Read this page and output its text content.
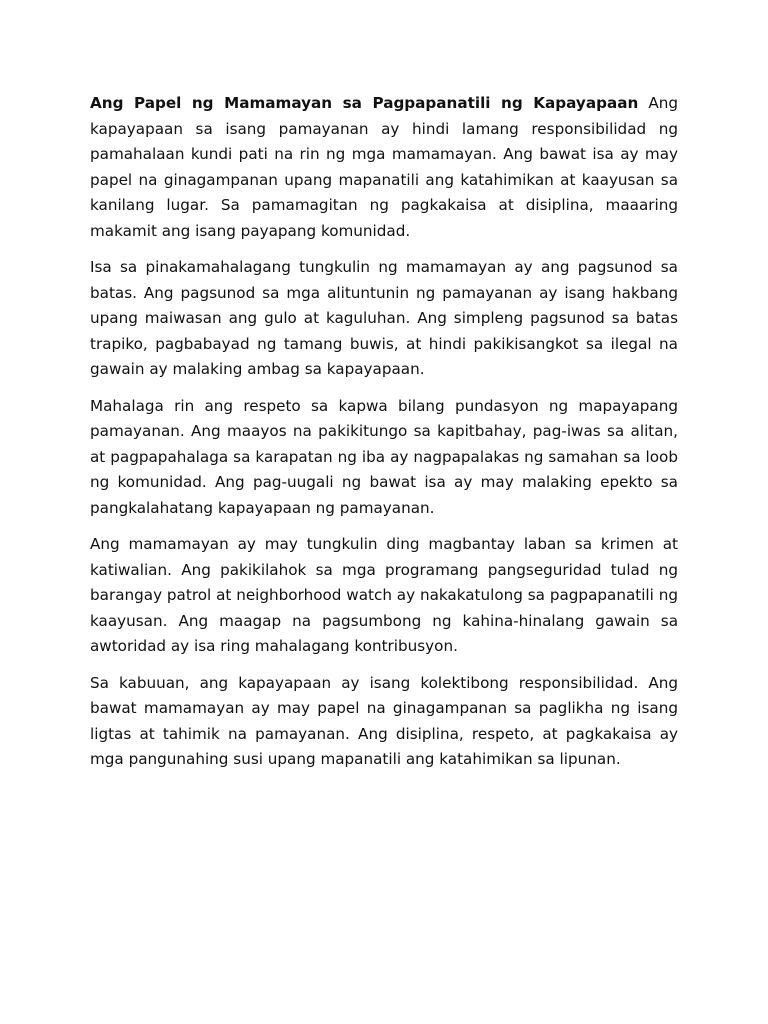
Ang Papel ng Mamamayan sa Pagpapanatili ng Kapayapaan Ang kapayapaan sa isang pamayanan ay hindi lamang responsibilidad ng pamahalaan kundi pati na rin ng mga mamamayan. Ang bawat isa ay may papel na ginagampanan upang mapanatili ang katahimikan at kaayusan sa kanilang lugar. Sa pamamagitan ng pagkakaisa at disiplina, maaaring makamit ang isang payapang komunidad.

Isa sa pinakamahalagang tungkulin ng mamamayan ay ang pagsunod sa batas. Ang pagsunod sa mga alituntunin ng pamayanan ay isang hakbang upang maiwasan ang gulo at kaguluhan. Ang simpleng pagsunod sa batas trapiko, pagbabayad ng tamang buwis, at hindi pakikisangkot sa ilegal na gawain ay malaking ambag sa kapayapaan.

Mahalaga rin ang respeto sa kapwa bilang pundasyon ng mapayapang pamayanan. Ang maayos na pakikitungo sa kapitbahay, pag-iwas sa alitan, at pagpapahalaga sa karapatan ng iba ay nagpapalakas ng samahan sa loob ng komunidad. Ang pag-uugali ng bawat isa ay may malaking epekto sa pangkalahatang kapayapaan ng pamayanan.

Ang mamamayan ay may tungkulin ding magbantay laban sa krimen at katiwalian. Ang pakikilahok sa mga programang pangseguridad tulad ng barangay patrol at neighborhood watch ay nakakatulong sa pagpapanatili ng kaayusan. Ang maagap na pagsumbong ng kahina-hinalang gawain sa awtoridad ay isa ring mahalagang kontribusyon.

Sa kabuuan, ang kapayapaan ay isang kolektibong responsibilidad. Ang bawat mamamayan ay may papel na ginagampanan sa paglikha ng isang ligtas at tahimik na pamayanan. Ang disiplina, respeto, at pagkakaisa ay mga pangunahing susi upang mapanatili ang katahimikan sa lipunan.
